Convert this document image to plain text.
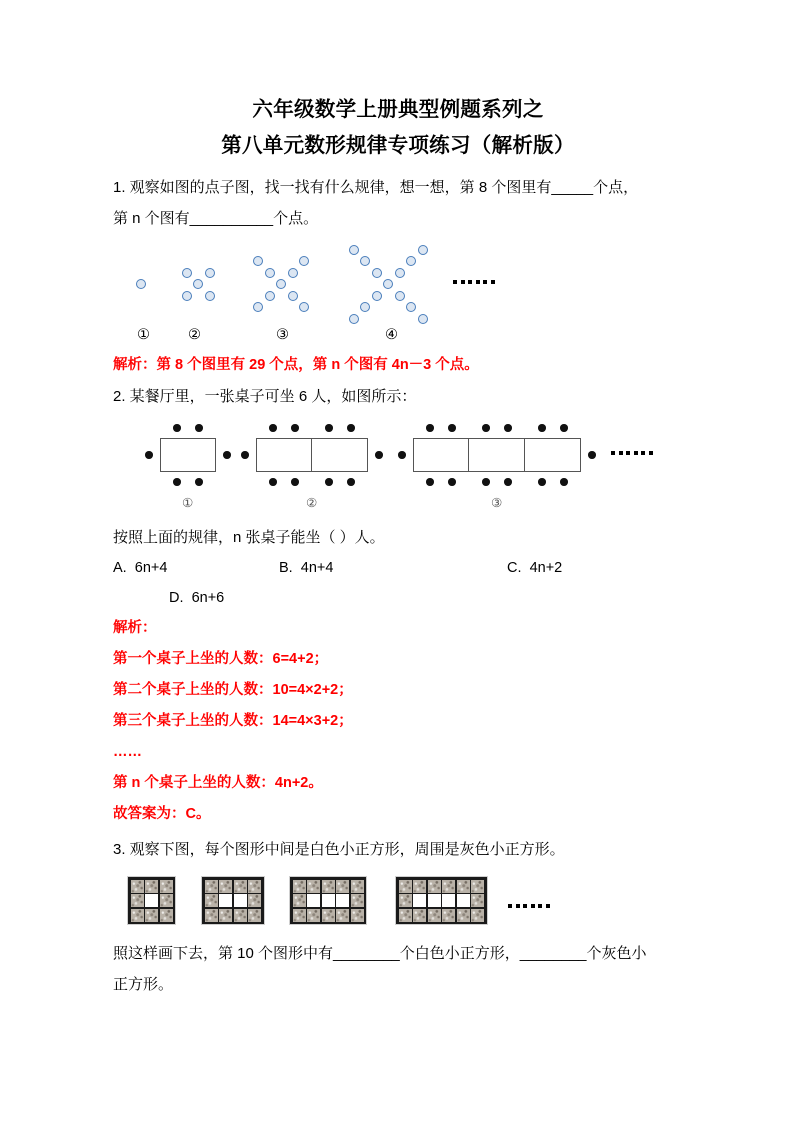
六年级数学上册典型例题系列之
第八单元数形规律专项练习（解析版）
1. 观察如图的点子图，找一找有什么规律，想一想，第 8 个图里有_____个点，
第 n 个图有__________个点。
①	②	③	④
解析：第 8 个图里有 29 个点，第 n 个图有 4n－3 个点。
2. 某餐厅里，一张桌子可坐 6 人，如图所示：
①	②	③
按照上面的规律，n 张桌子能坐（ ）人。
A. 6n+4	B. 4n+4	C. 4n+2
D. 6n+6
解析：
第一个桌子上坐的人数：6=4+2；
第二个桌子上坐的人数：10=4×2+2；
第三个桌子上坐的人数：14=4×3+2；
……
第 n 个桌子上坐的人数：4n+2。
故答案为：C。
3. 观察下图，每个图形中间是白色小正方形，周围是灰色小正方形。
照这样画下去，第 10 个图形中有________个白色小正方形，________个灰色小
正方形。
